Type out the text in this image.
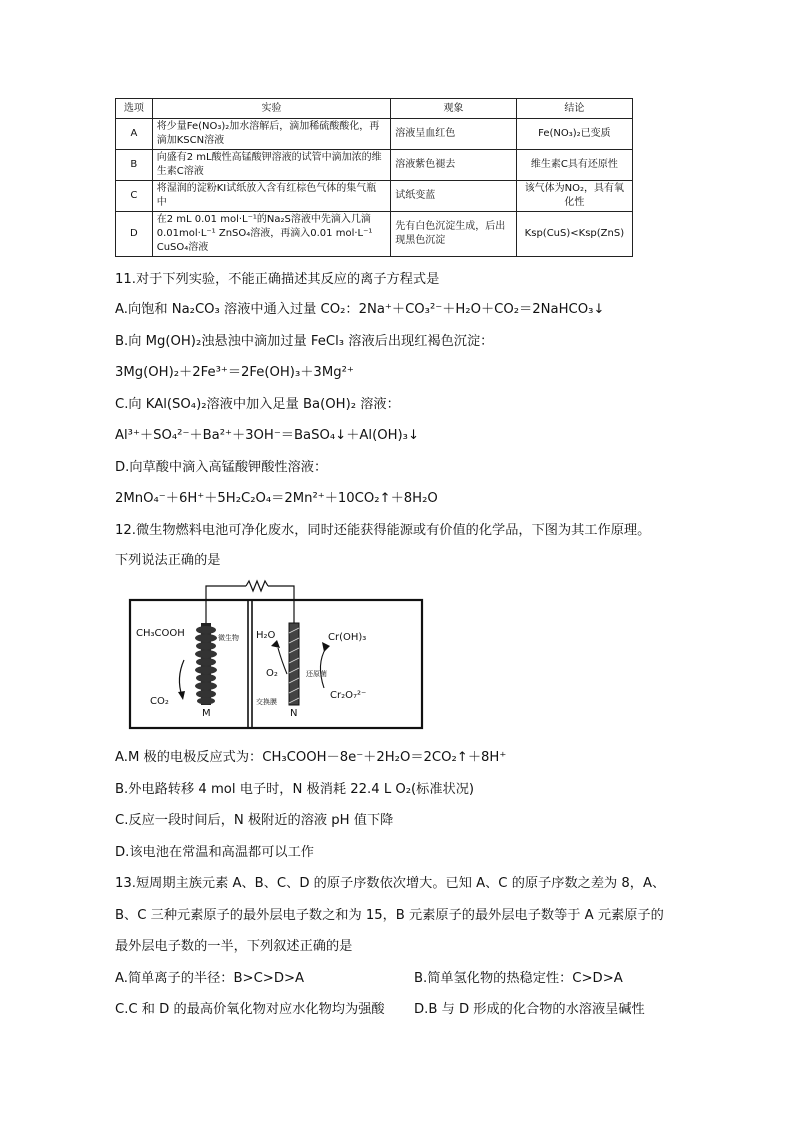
选项	实验	观象	结论
A	将少量Fe(NO₃)₂加水溶解后，滴加稀硫酸酸化，再滴加KSCN溶液	溶液呈血红色	Fe(NO₃)₂已变质
B	向盛有2 mL酸性高锰酸钾溶液的试管中滴加浓的维生素C溶液	溶液紫色褪去	维生素C具有还原性
C	将湿润的淀粉KI试纸放入含有红棕色气体的集气瓶中	试纸变蓝	该气体为NO₂，具有氧化性
D	在2 mL 0.01 mol·L⁻¹的Na₂S溶液中先滴入几滴0.01mol·L⁻¹ ZnSO₄溶液，再滴入0.01 mol·L⁻¹ CuSO₄溶液	先有白色沉淀生成，后出现黑色沉淀	Ksp(CuS)<Ksp(ZnS)
11.对于下列实验，不能正确描述其反应的离子方程式是
A.向饱和 Na₂CO₃ 溶液中通入过量 CO₂：2Na⁺＋CO₃²⁻＋H₂O＋CO₂＝2NaHCO₃↓
B.向 Mg(OH)₂浊悬浊中滴加过量 FeCl₃ 溶液后出现红褐色沉淀：
3Mg(OH)₂＋2Fe³⁺＝2Fe(OH)₃＋3Mg²⁺
C.向 KAl(SO₄)₂溶液中加入足量 Ba(OH)₂ 溶液：
Al³⁺＋SO₄²⁻＋Ba²⁺＋3OH⁻＝BaSO₄↓＋Al(OH)₃↓
D.向草酸中滴入高锰酸钾酸性溶液：
2MnO₄⁻＋6H⁺＋5H₂C₂O₄＝2Mn²⁺＋10CO₂↑＋8H₂O
12.微生物燃料电池可净化废水，同时还能获得能源或有价值的化学品，下图为其工作原理。
下列说法正确的是
CH₃COOH
CO₂
微生物
M
H₂O
O₂
Cr(OH)₃
还原菌
Cr₂O₇²⁻
交换膜
N
A.M 极的电极反应式为：CH₃COOH－8e⁻＋2H₂O＝2CO₂↑＋8H⁺
B.外电路转移 4 mol 电子时，N 极消耗 22.4 L O₂(标准状况)
C.反应一段时间后，N 极附近的溶液 pH 值下降
D.该电池在常温和高温都可以工作
13.短周期主族元素 A、B、C、D 的原子序数依次增大。已知 A、C 的原子序数之差为 8，A、
B、C 三种元素原子的最外层电子数之和为 15，B 元素原子的最外层电子数等于 A 元素原子的
最外层电子数的一半，下列叙述正确的是
A.简单离子的半径：B>C>D>A	B.简单氢化物的热稳定性：C>D>A
C.C 和 D 的最高价氧化物对应水化物均为强酸 D.B 与 D 形成的化合物的水溶液呈碱性
